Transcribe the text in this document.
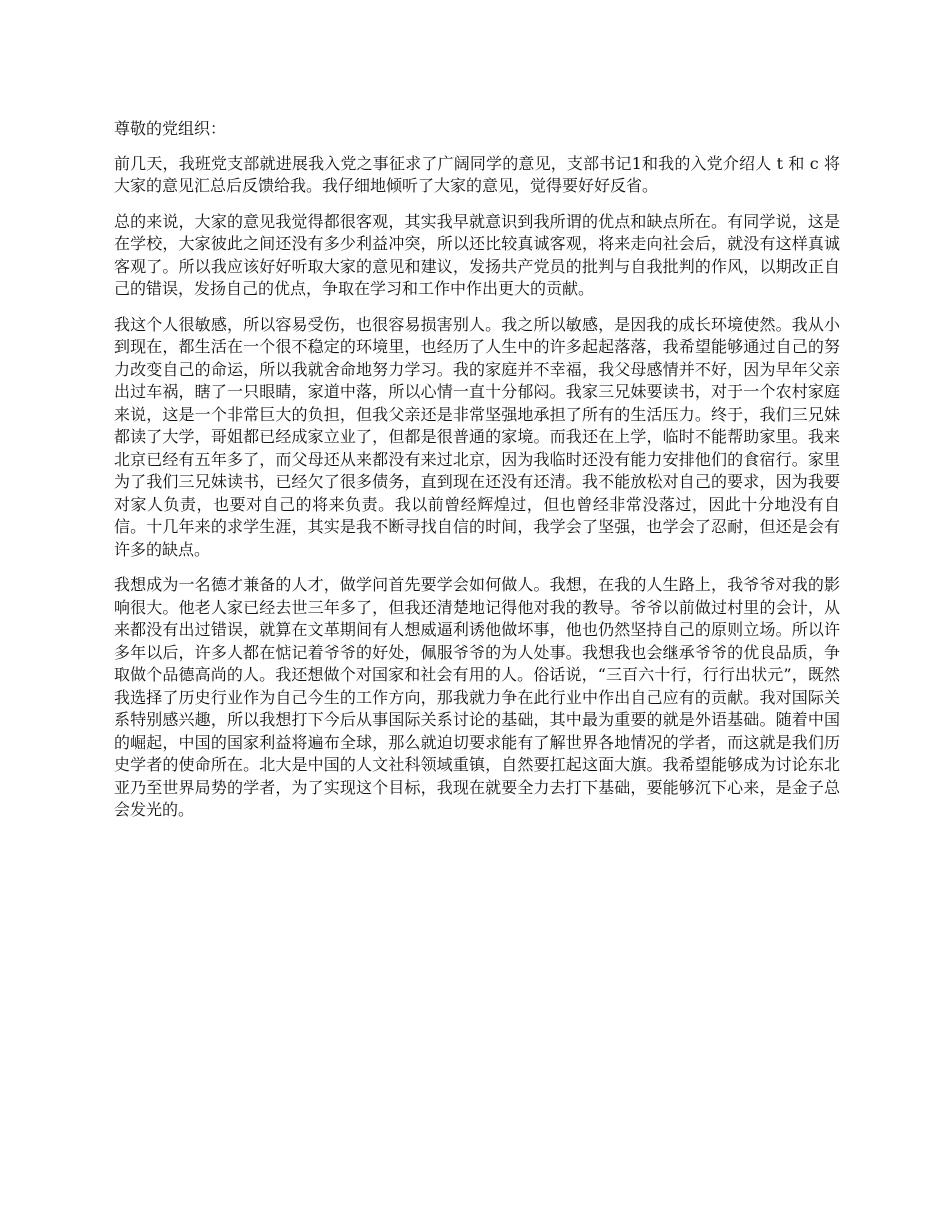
尊敬的党组织：

前几天，我班党支部就进展我入党之事征求了广阔同学的意见，支部书记1和我的入党介绍人 t 和 c 将大家的意见汇总后反馈给我。我仔细地倾听了大家的意见，觉得要好好反省。

总的来说，大家的意见我觉得都很客观，其实我早就意识到我所谓的优点和缺点所在。有同学说，这是在学校，大家彼此之间还没有多少利益冲突，所以还比较真诚客观，将来走向社会后，就没有这样真诚客观了。所以我应该好好听取大家的意见和建议，发扬共产党员的批判与自我批判的作风，以期改正自己的错误，发扬自己的优点，争取在学习和工作中作出更大的贡献。

我这个人很敏感，所以容易受伤，也很容易损害别人。我之所以敏感，是因我的成长环境使然。我从小到现在，都生活在一个很不稳定的环境里，也经历了人生中的许多起起落落，我希望能够通过自己的努力改变自己的命运，所以我就舍命地努力学习。我的家庭并不幸福，我父母感情并不好，因为早年父亲出过车祸，瞎了一只眼睛，家道中落，所以心情一直十分郁闷。我家三兄妹要读书，对于一个农村家庭来说，这是一个非常巨大的负担，但我父亲还是非常坚强地承担了所有的生活压力。终于，我们三兄妹都读了大学，哥姐都已经成家立业了，但都是很普通的家境。而我还在上学，临时不能帮助家里。我来北京已经有五年多了，而父母还从来都没有来过北京，因为我临时还没有能力安排他们的食宿行。家里为了我们三兄妹读书，已经欠了很多债务，直到现在还没有还清。我不能放松对自己的要求，因为我要对家人负责，也要对自己的将来负责。我以前曾经辉煌过，但也曾经非常没落过，因此十分地没有自信。十几年来的求学生涯，其实是我不断寻找自信的时间，我学会了坚强，也学会了忍耐，但还是会有许多的缺点。

我想成为一名德才兼备的人才，做学问首先要学会如何做人。我想，在我的人生路上，我爷爷对我的影响很大。他老人家已经去世三年多了，但我还清楚地记得他对我的教导。爷爷以前做过村里的会计，从来都没有出过错误，就算在文革期间有人想威逼利诱他做坏事，他也仍然坚持自己的原则立场。所以许多年以后，许多人都在惦记着爷爷的好处，佩服爷爷的为人处事。我想我也会继承爷爷的优良品质，争取做个品德高尚的人。我还想做个对国家和社会有用的人。俗话说，“三百六十行，行行出状元”，既然我选择了历史行业作为自己今生的工作方向，那我就力争在此行业中作出自己应有的贡献。我对国际关系特别感兴趣，所以我想打下今后从事国际关系讨论的基础，其中最为重要的就是外语基础。随着中国的崛起，中国的国家利益将遍布全球，那么就迫切要求能有了解世界各地情况的学者，而这就是我们历史学者的使命所在。北大是中国的人文社科领域重镇，自然要扛起这面大旗。我希望能够成为讨论东北亚乃至世界局势的学者，为了实现这个目标，我现在就要全力去打下基础，要能够沉下心来，是金子总会发光的。
